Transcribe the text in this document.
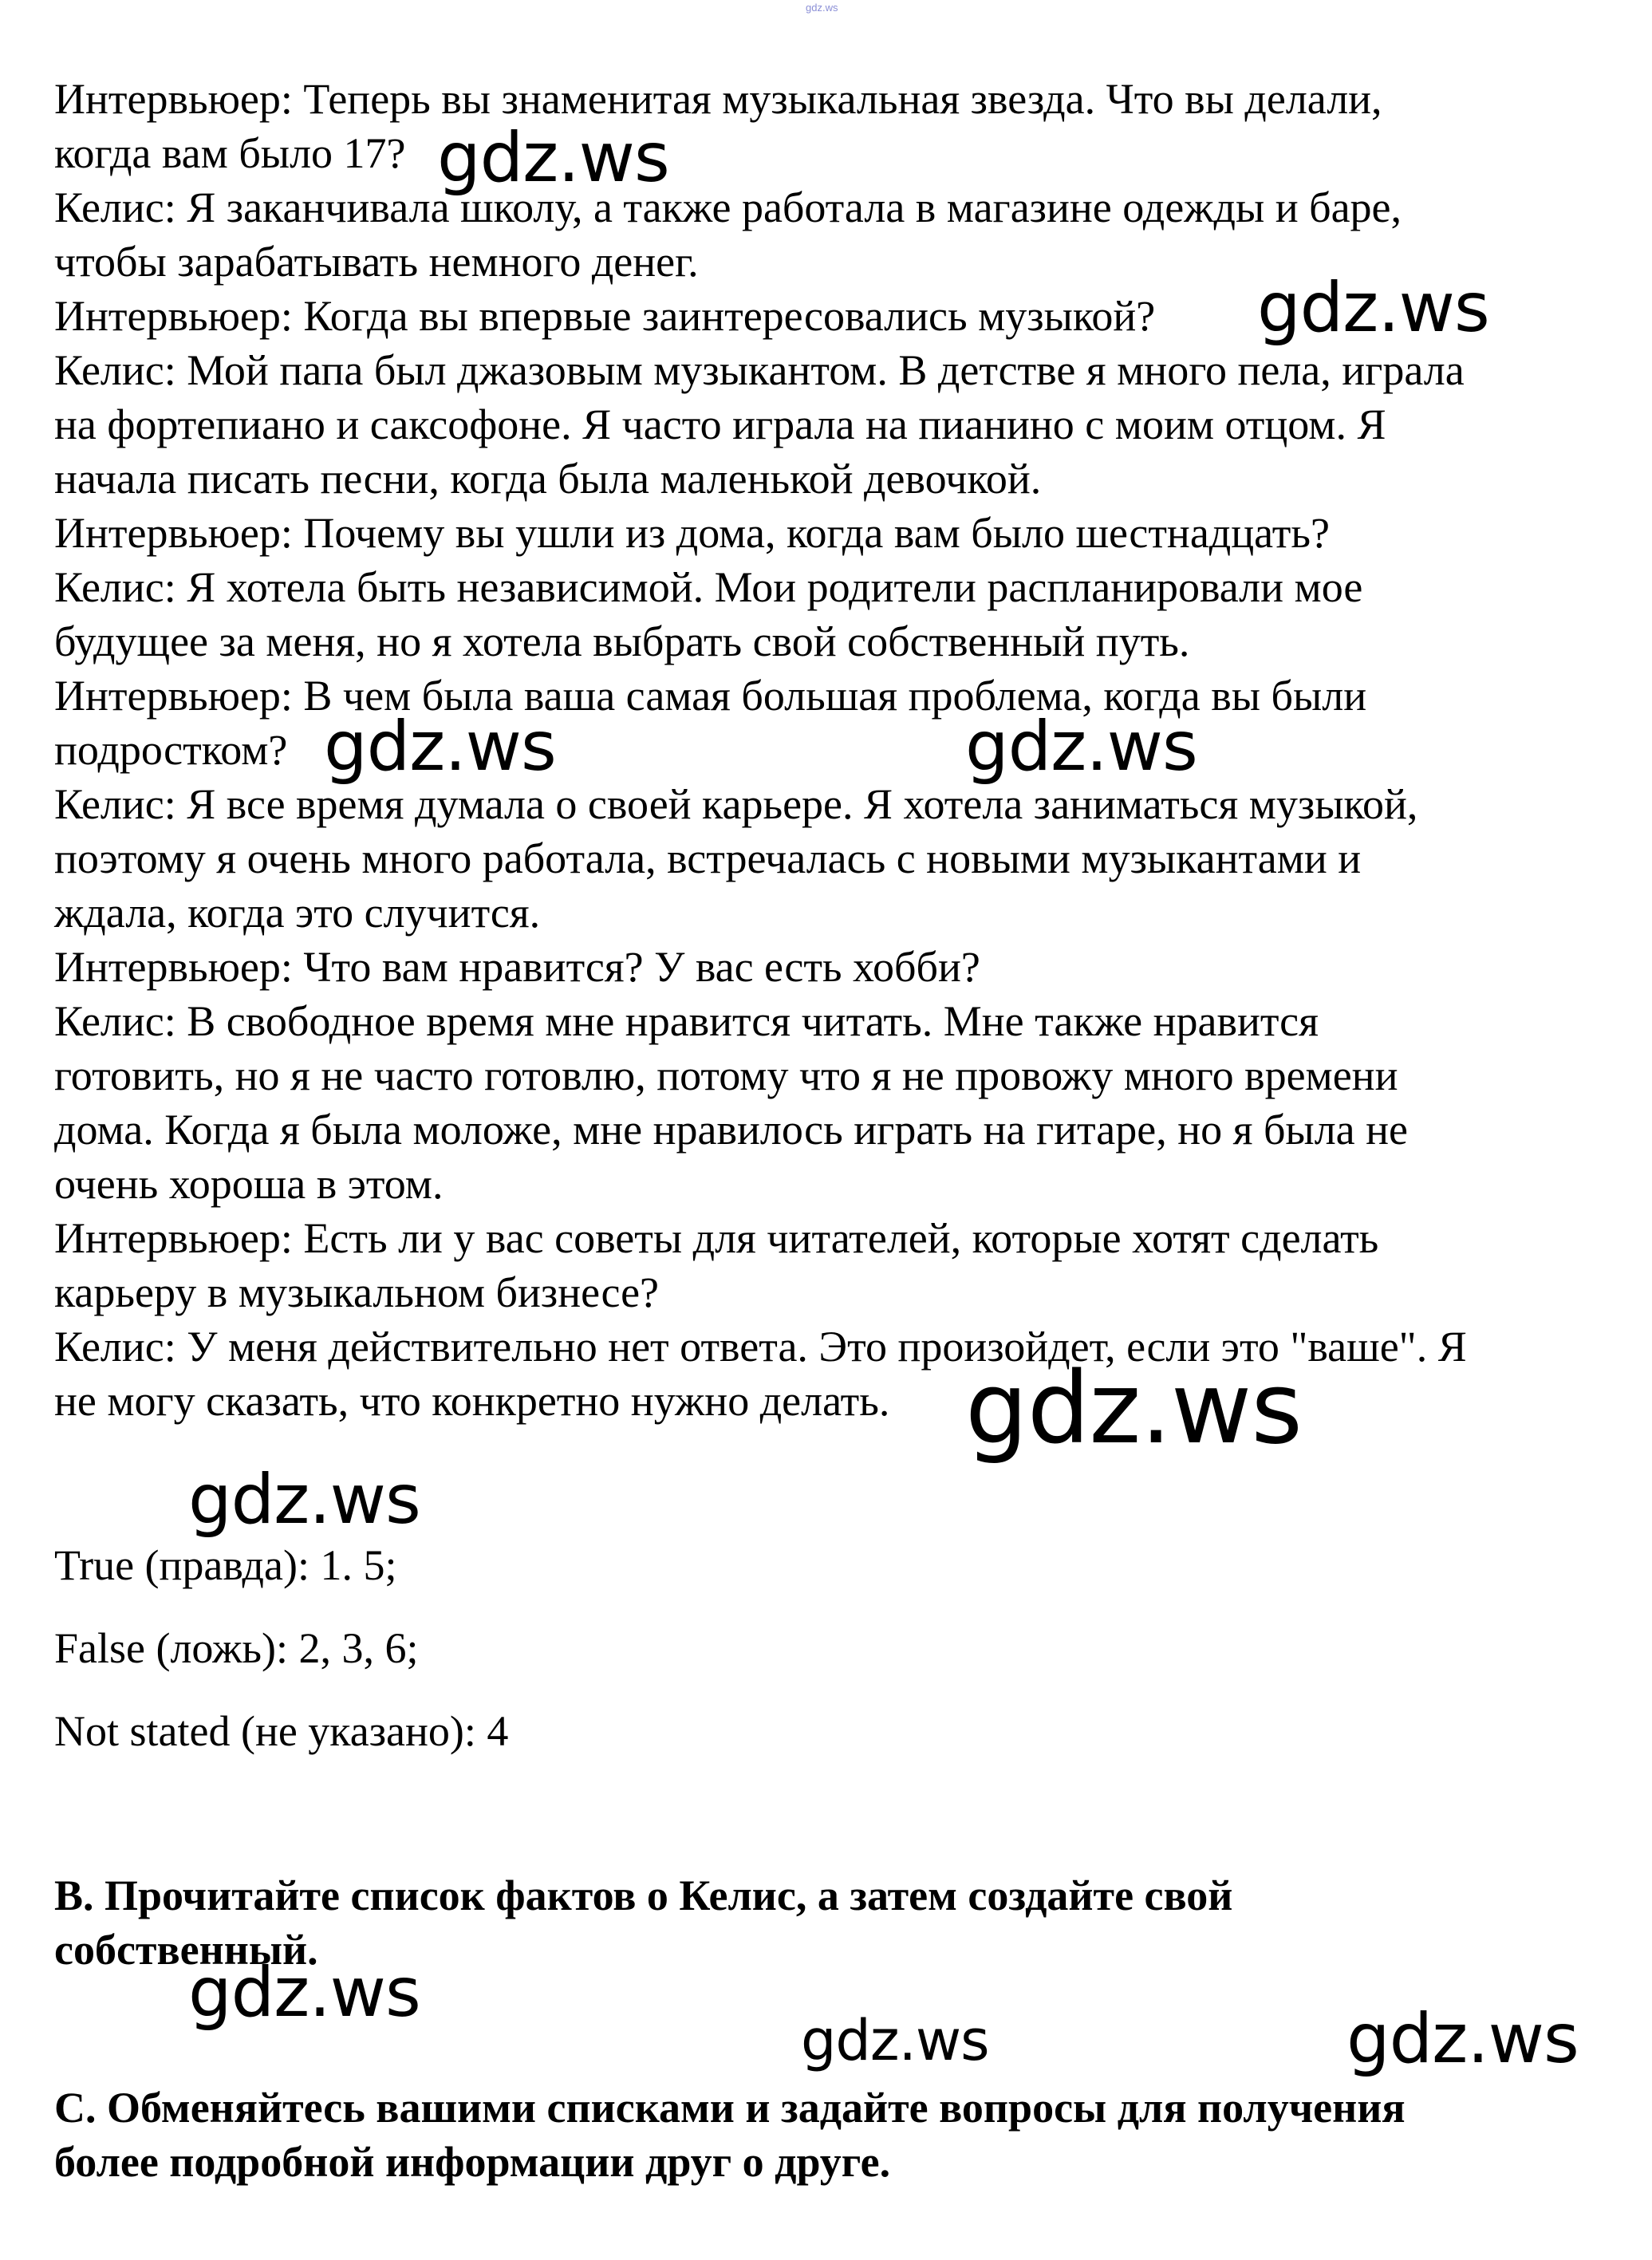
gdz.ws
Интервьюер: Теперь вы знаменитая музыкальная звезда. Что вы делали,
когда вам было 17?
Келис: Я заканчивала школу, а также работала в магазине одежды и баре,
чтобы зарабатывать немного денег.
Интервьюер: Когда вы впервые заинтересовались музыкой?
Келис: Мой папа был джазовым музыкантом. В детстве я много пела, играла
на фортепиано и саксофоне. Я часто играла на пианино с моим отцом. Я
начала писать песни, когда была маленькой девочкой.
Интервьюер: Почему вы ушли из дома, когда вам было шестнадцать?
Келис: Я хотела быть независимой. Мои родители распланировали мое
будущее за меня, но я хотела выбрать свой собственный путь.
Интервьюер: В чем была ваша самая большая проблема, когда вы были
подростком?
Келис: Я все время думала о своей карьере. Я хотела заниматься музыкой,
поэтому я очень много работала, встречалась с новыми музыкантами и
ждала, когда это случится.
Интервьюер: Что вам нравится? У вас есть хобби?
Келис: В свободное время мне нравится читать. Мне также нравится
готовить, но я не часто готовлю, потому что я не провожу много времени
дома. Когда я была моложе, мне нравилось играть на гитаре, но я была не
очень хороша в этом.
Интервьюер: Есть ли у вас советы для читателей, которые хотят сделать
карьеру в музыкальном бизнесе?
Келис: У меня действительно нет ответа. Это произойдет, если это "ваше". Я
не могу сказать, что конкретно нужно делать.
True (правда): 1. 5;
False (ложь): 2, 3, 6;
Not stated (не указано): 4
B. Прочитайте список фактов о Келис, а затем создайте свой
собственный.
C. Обменяйтесь вашими списками и задайте вопросы для получения
более подробной информации друг о друге.
gdz.ws
gdz.ws
gdz.ws	gdz.ws
gdz.ws
gdz.ws
gdz.ws
gdz.ws	gdz.ws
